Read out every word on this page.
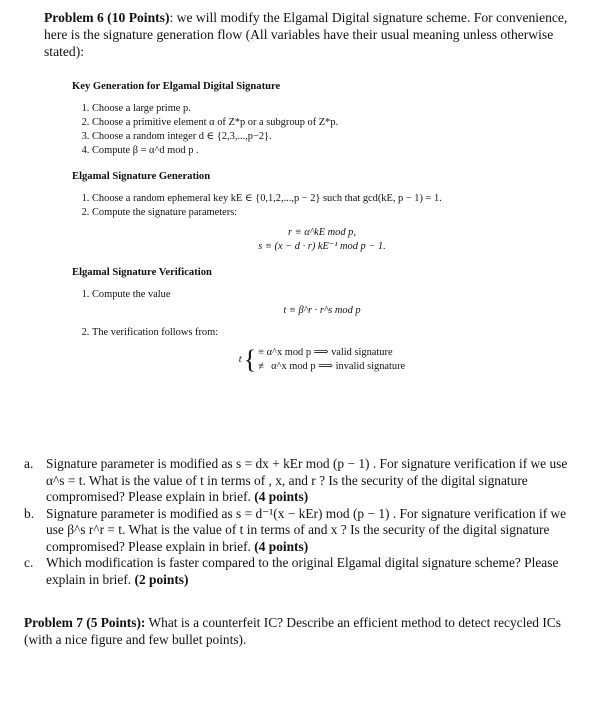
Problem 6 (10 Points): we will modify the Elgamal Digital signature scheme. For convenience, here is the signature generation flow (All variables have their usual meaning unless otherwise stated):
Key Generation for Elgamal Digital Signature
1. Choose a large prime p.
2. Choose a primitive element α of Z*p or a subgroup of Z*p.
3. Choose a random integer d ∈ {2,3,...,p−2}.
4. Compute β = α^d mod p .
Elgamal Signature Generation
1. Choose a random ephemeral key kE ∈ {0,1,2,...,p − 2} such that gcd(kE, p − 1) = 1.
2. Compute the signature parameters:
r ≡ α^kE mod p,
s ≡ (x − d · r) kE⁻¹ mod p − 1.
Elgamal Signature Verification
1. Compute the value
t ≡ β^r · r^s mod p
2. The verification follows from:
t { ≡ α^x mod p ⟹ valid signature
≢ α^x mod p ⟹ invalid signature
a. Signature parameter is modified as s = dx + kEr mod (p − 1) . For signature verification if we use α^s = t. What is the value of t in terms of , x, and r ? Is the security of the digital signature compromised? Please explain in brief. (4 points)
b. Signature parameter is modified as s = d⁻¹(x − kEr) mod (p − 1) . For signature verification if we use β^s r^r = t. What is the value of t in terms of and x ? Is the security of the digital signature compromised? Please explain in brief. (4 points)
c. Which modification is faster compared to the original Elgamal digital signature scheme? Please explain in brief. (2 points)
Problem 7 (5 Points): What is a counterfeit IC? Describe an efficient method to detect recycled ICs (with a nice figure and few bullet points).
